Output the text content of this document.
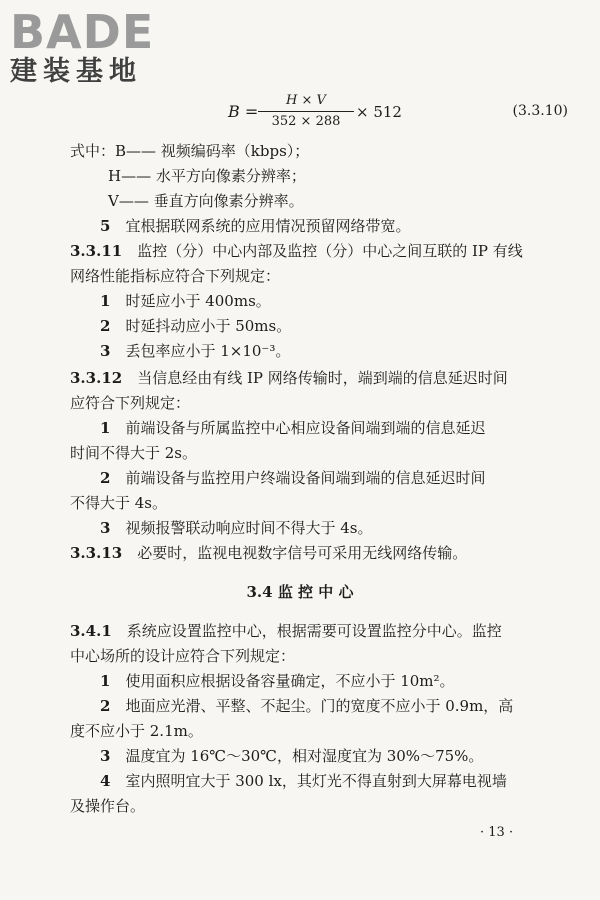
BADE
建装基地
B =
H × V
352 × 288
× 512	(3.3.10)
式中：B—— 视频编码率（kbps）；
H—— 水平方向像素分辨率；
V—— 垂直方向像素分辨率。
5　 宜根据联网系统的应用情况预留网络带宽。
3.3.11　 监控（分）中心内部及监控（分）中心之间互联的 IP 有线
网络性能指标应符合下列规定：
1　 时延应小于 400ms。
2　 时延抖动应小于 50ms。
3　 丢包率应小于 1×10⁻³。
3.3.12　 当信息经由有线 IP 网络传输时，端到端的信息延迟时间
应符合下列规定：
1　 前端设备与所属监控中心相应设备间端到端的信息延迟
时间不得大于 2s。
2　 前端设备与监控用户终端设备间端到端的信息延迟时间
不得大于 4s。
3　 视频报警联动响应时间不得大于 4s。
3.3.13　 必要时，监视电视数字信号可采用无线网络传输。
3.4 监 控 中 心
3.4.1　 系统应设置监控中心，根据需要可设置监控分中心。监控
中心场所的设计应符合下列规定：
1　 使用面积应根据设备容量确定，不应小于 10m²。
2　 地面应光滑、平整、不起尘。门的宽度不应小于 0.9m，高
度不应小于 2.1m。
3　 温度宜为 16℃～30℃，相对湿度宜为 30%～75%。
4　 室内照明宜大于 300 lx，其灯光不得直射到大屏幕电视墙
及操作台。
· 13 ·
